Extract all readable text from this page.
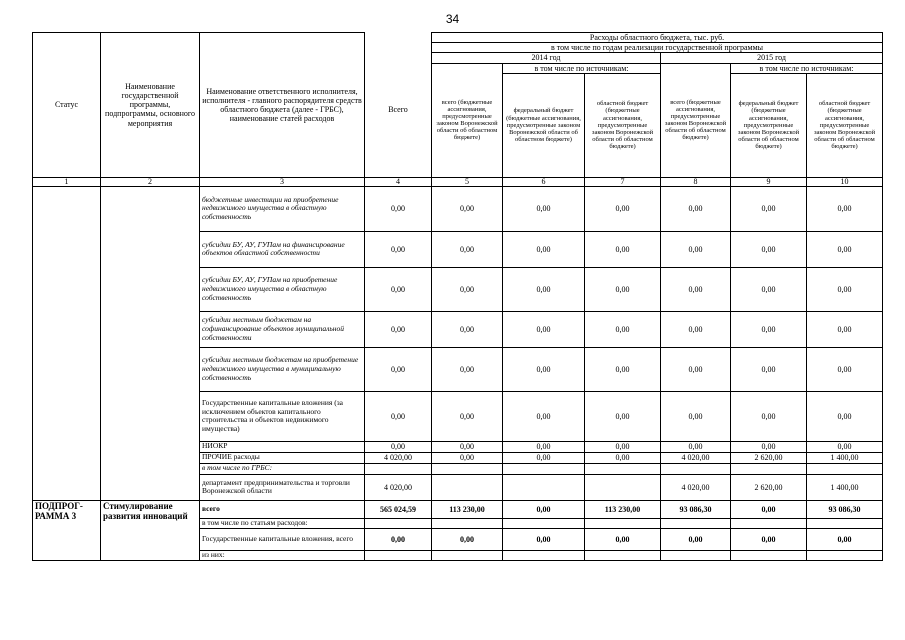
34
Статус	Наименование государственной программы, подпрограммы, основного мероприятия	Наименование ответственного исполнителя, исполнителя - главного распорядителя средств областного бюджета (далее - ГРБС), наименование статей расходов		Расходы областного бюджета, тыс. руб.					
			Всего	в том числе по годам реализации государственной программы					
				2014 год			2015 год		
				всего (бюджетные ассигнования, предусмотренные законом Воронежской области об областном бюджете)	в том числе по источникам:		всего (бюджетные ассигнования, предусмотренные законом Воронежской области об областном бюджете)	в том числе по источникам:	
					федеральный бюджет (бюджетные ассигнования, предусмотренные законом Воронежской области об областном бюджете)	областной бюджет (бюджетные ассигнования, предусмотренные законом Воронежской области об областном бюджете)		федеральный бюджет (бюджетные ассигнования, предусмотренные законом Воронежской области об областном бюджете)	областной бюджет (бюджетные ассигнования, предусмотренные законом Воронежской области об областном бюджете)
1	2	3	4	5	6	7	8	9	10
		бюджетные инвестиции на приобретение недвижимого имущества в областную собственность	0,00	0,00	0,00	0,00	0,00	0,00	0,00
		субсидии БУ, АУ, ГУПам на финансирование объектов областной собственности	0,00	0,00	0,00	0,00	0,00	0,00	0,00
		субсидии БУ, АУ, ГУПам на приобретение недвижимого имущества в областную собственность	0,00	0,00	0,00	0,00	0,00	0,00	0,00
		субсидии местным бюджетам на софинансирование объектов муниципальной собственности	0,00	0,00	0,00	0,00	0,00	0,00	0,00
		субсидии местным бюджетам на приобретение недвижимого имущества в муниципальную собственность	0,00	0,00	0,00	0,00	0,00	0,00	0,00
		Государственные капитальные вложения (за исключением объектов капитального строительства и объектов недвижимого имущества)	0,00	0,00	0,00	0,00	0,00	0,00	0,00
		НИОКР	0,00	0,00	0,00	0,00	0,00	0,00	0,00
		ПРОЧИЕ расходы	4 020,00	0,00	0,00	0,00	4 020,00	2 620,00	1 400,00
		в том числе по ГРБС:							
		департамент предпринимательства и торговли Воронежской области	4 020,00				4 020,00	2 620,00	1 400,00
ПОДПРОГ-РАММА 3	Стимулирование развития инноваций	всего	565 024,59	113 230,00	0,00	113 230,00	93 086,30	0,00	93 086,30
		в том числе по статьям расходов:							
		Государственные капитальные вложения, всего	0,00	0,00	0,00	0,00	0,00	0,00	0,00
		из них:							
